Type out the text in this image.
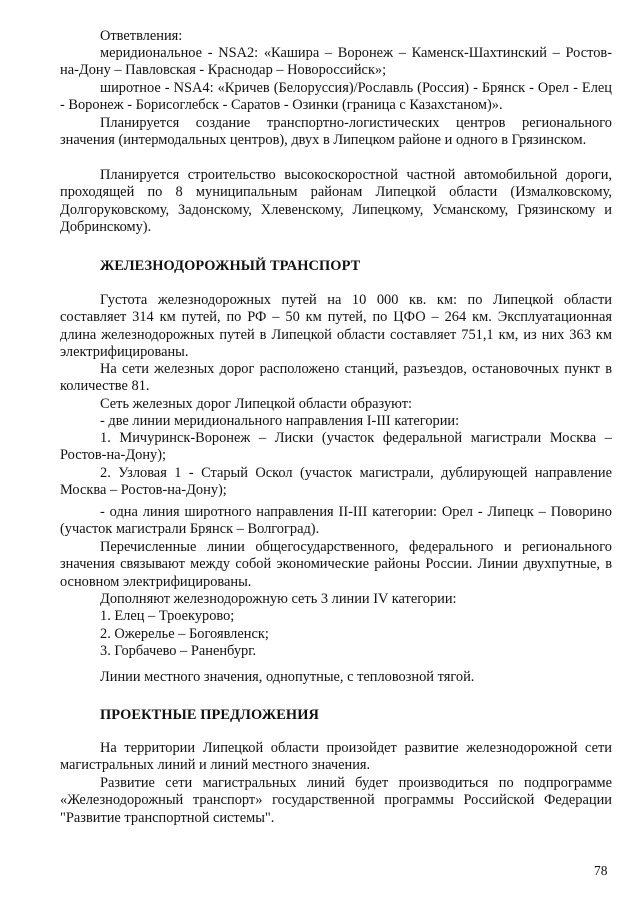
Ответвления:

меридиональное - NSA2: «Кашира – Воронеж – Каменск-Шахтинский – Ростов-на-Дону – Павловская - Краснодар – Новороссийск»;

широтное - NSA4: «Кричев (Белоруссия)/Рославль (Россия) - Брянск - Орел - Елец - Воронеж - Борисоглебск - Саратов - Озинки (граница с Казахстаном)».

Планируется создание транспортно-логистических центров регионального значения (интермодальных центров), двух в Липецком районе и одного в Грязинском.

Планируется строительство высокоскоростной частной автомобильной дороги, проходящей по 8 муниципальным районам Липецкой области (Измалковскому, Долгоруковскому, Задонскому, Хлевенскому, Липецкому, Усманскому, Грязинскому и Добринскому).

ЖЕЛЕЗНОДОРОЖНЫЙ ТРАНСПОРТ

Густота железнодорожных путей на 10 000 кв. км: по Липецкой области составляет 314 км путей, по РФ – 50 км путей, по ЦФО – 264 км. Эксплуатационная длина железнодорожных путей в Липецкой области составляет 751,1 км, из них 363 км электрифицированы.

На сети железных дорог расположено станций, разъездов, остановочных пункт в количестве 81.

Сеть железных дорог Липецкой области образуют:
- две линии меридионального направления I-III категории:

1. Мичуринск-Воронеж – Лиски (участок федеральной магистрали Москва – Ростов-на-Дону);

2. Узловая 1 - Старый Оскол (участок магистрали, дублирующей направление Москва – Ростов-на-Дону);

- одна линия широтного направления II-III категории: Орел - Липецк – Поворино (участок магистрали Брянск – Волгоград).

Перечисленные линии общегосударственного, федерального и регионального значения связывают между собой экономические районы России. Линии двухпутные, в основном электрифицированы.

Дополняют железнодорожную сеть 3 линии IV категории:
1. Елец – Троекурово;
2. Ожерелье – Богоявленск;
3. Горбачево – Раненбург.
Линии местного значения, однопутные, с тепловозной тягой.
ПРОЕКТНЫЕ ПРЕДЛОЖЕНИЯ

На территории Липецкой области произойдет развитие железнодорожной сети магистральных линий и линий местного значения.

Развитие сети магистральных линий будет производиться по подпрограмме «Железнодорожный транспорт» государственной программы Российской Федерации "Развитие транспортной системы".

78
